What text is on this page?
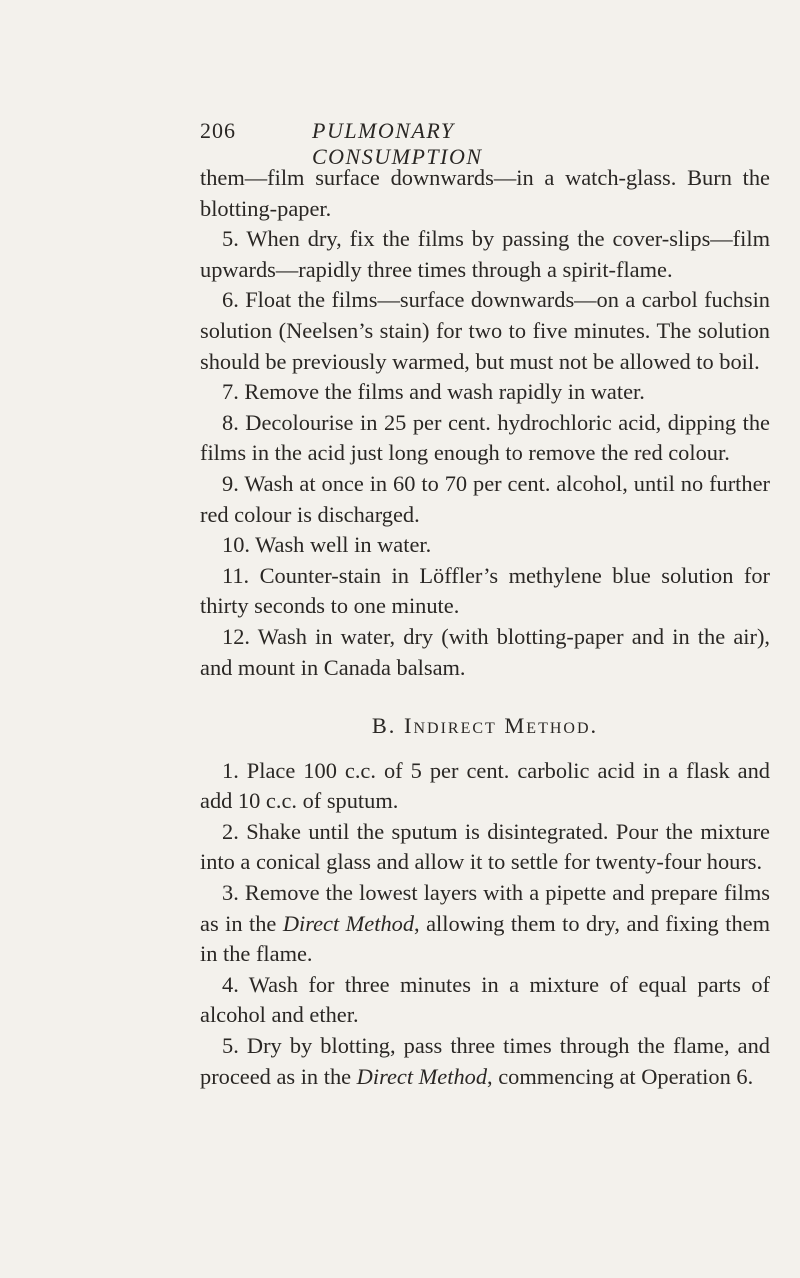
206	PULMONARY CONSUMPTION

them—film surface downwards—in a watch-glass. Burn the blotting-paper.

5. When dry, fix the films by passing the cover-slips—film upwards—rapidly three times through a spirit-flame.

6. Float the films—surface downwards—on a carbol fuchsin solution (Neelsen’s stain) for two to five minutes. The solution should be previously warmed, but must not be allowed to boil.

7. Remove the films and wash rapidly in water.

8. Decolourise in 25 per cent. hydrochloric acid, dipping the films in the acid just long enough to remove the red colour.

9. Wash at once in 60 to 70 per cent. alcohol, until no further red colour is discharged.

10. Wash well in water.

11. Counter-stain in Löffler’s methylene blue solution for thirty seconds to one minute.

12. Wash in water, dry (with blotting-paper and in the air), and mount in Canada balsam.

B. Indirect Method.

1. Place 100 c.c. of 5 per cent. carbolic acid in a flask and add 10 c.c. of sputum.

2. Shake until the sputum is disintegrated. Pour the mixture into a conical glass and allow it to settle for twenty-four hours.

3. Remove the lowest layers with a pipette and prepare films as in the Direct Method, allowing them to dry, and fixing them in the flame.

4. Wash for three minutes in a mixture of equal parts of alcohol and ether.

5. Dry by blotting, pass three times through the flame, and proceed as in the Direct Method, commencing at Operation 6.
